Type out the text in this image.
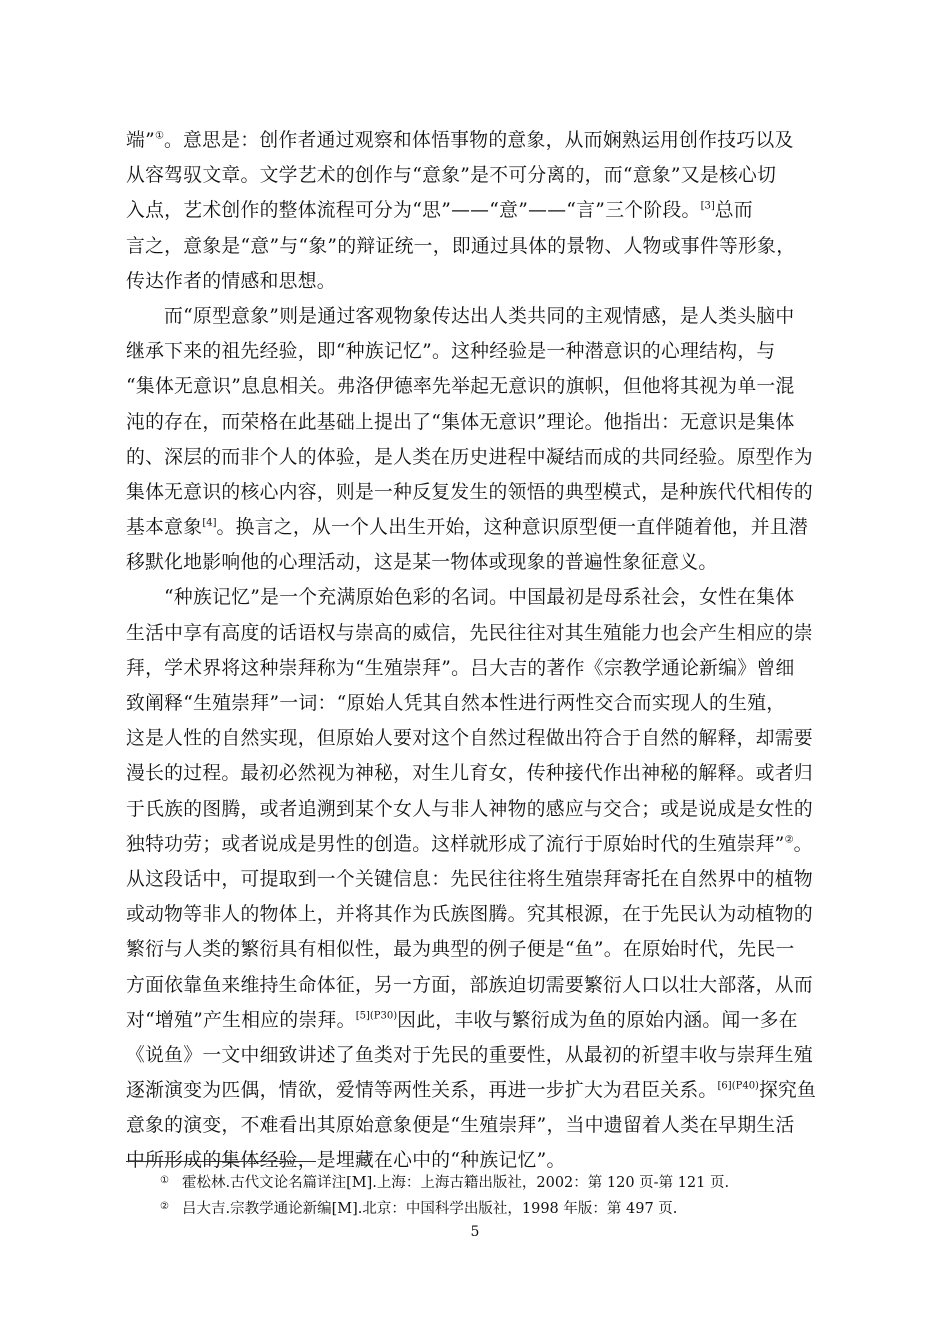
端”①。意思是：创作者通过观察和体悟事物的意象，从而娴熟运用创作技巧以及
从容驾驭文章。文学艺术的创作与“意象”是不可分离的，而“意象”又是核心切
入点，艺术创作的整体流程可分为“思”——“意”——“言”三个阶段。[3]总而
言之，意象是“意”与“象”的辩证统一，即通过具体的景物、人物或事件等形象，
传达作者的情感和思想。
而“原型意象”则是通过客观物象传达出人类共同的主观情感，是人类头脑中
继承下来的祖先经验，即“种族记忆”。这种经验是一种潜意识的心理结构，与
“集体无意识”息息相关。弗洛伊德率先举起无意识的旗帜，但他将其视为单一混
沌的存在，而荣格在此基础上提出了“集体无意识”理论。他指出：无意识是集体
的、深层的而非个人的体验，是人类在历史进程中凝结而成的共同经验。原型作为
集体无意识的核心内容，则是一种反复发生的领悟的典型模式，是种族代代相传的
基本意象[4]。换言之，从一个人出生开始，这种意识原型便一直伴随着他，并且潜
移默化地影响他的心理活动，这是某一物体或现象的普遍性象征意义。
“种族记忆”是一个充满原始色彩的名词。中国最初是母系社会，女性在集体
生活中享有高度的话语权与崇高的威信，先民往往对其生殖能力也会产生相应的崇
拜，学术界将这种崇拜称为“生殖崇拜”。吕大吉的著作《宗教学通论新编》曾细
致阐释“生殖崇拜”一词：“原始人凭其自然本性进行两性交合而实现人的生殖，
这是人性的自然实现，但原始人要对这个自然过程做出符合于自然的解释，却需要
漫长的过程。最初必然视为神秘，对生儿育女，传种接代作出神秘的解释。或者归
于氏族的图腾，或者追溯到某个女人与非人神物的感应与交合；或是说成是女性的
独特功劳；或者说成是男性的创造。这样就形成了流行于原始时代的生殖崇拜”②。
从这段话中，可提取到一个关键信息：先民往往将生殖崇拜寄托在自然界中的植物
或动物等非人的物体上，并将其作为氏族图腾。究其根源，在于先民认为动植物的
繁衍与人类的繁衍具有相似性，最为典型的例子便是“鱼”。在原始时代，先民一
方面依靠鱼来维持生命体征，另一方面，部族迫切需要繁衍人口以壮大部落，从而
对“增殖”产生相应的崇拜。$^{[5](P30)}$因此，丰收与繁衍成为鱼的原始内涵。闻一多在
《说鱼》一文中细致讲述了鱼类对于先民的重要性，从最初的祈望丰收与崇拜生殖
逐渐演变为匹偶，情欲，爱情等两性关系，再进一步扩大为君臣关系。$^{[6](P40)}$探究鱼
意象的演变，不难看出其原始意象便是“生殖崇拜”，当中遗留着人类在早期生活
中所形成的集体经验，是埋藏在心中的“种族记忆”。
① 霍松林.古代文论名篇详注[M].上海：上海古籍出版社，2002：第 120 页-第 121 页.
② 吕大吉.宗教学通论新编[M].北京：中国科学出版社，1998 年版：第 497 页.
5
